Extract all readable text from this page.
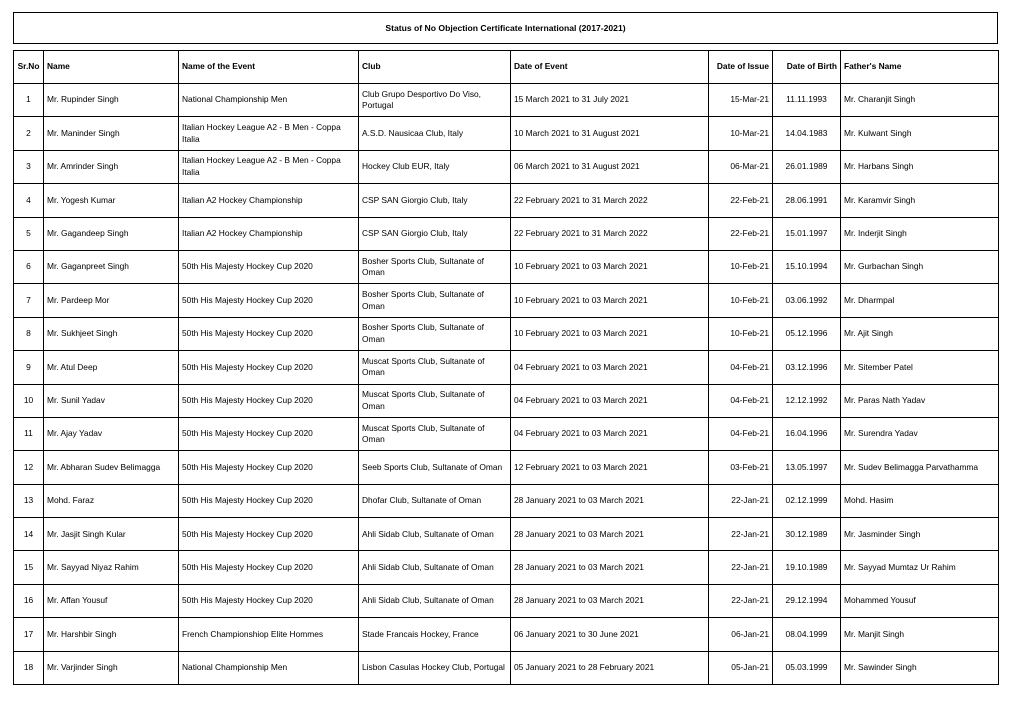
Status of No Objection Certificate International (2017-2021)
Sr.No	Name	Name of the Event	Club	Date of Event	Date of Issue	Date of Birth	Father's Name
1	Mr. Rupinder Singh	National Championship Men	Club Grupo Desportivo Do Viso, Portugal	15 March 2021 to 31 July 2021	15-Mar-21	11.11.1993	Mr. Charanjit Singh
2	Mr. Maninder Singh	Italian Hockey League A2 - B Men - Coppa Italia	A.S.D. Nausicaa Club, Italy	10 March 2021 to 31 August 2021	10-Mar-21	14.04.1983	Mr. Kulwant Singh
3	Mr. Amrinder Singh	Italian Hockey League A2 - B Men - Coppa Italia	Hockey Club EUR, Italy	06 March 2021 to 31 August 2021	06-Mar-21	26.01.1989	Mr. Harbans Singh
4	Mr. Yogesh Kumar	Italian A2 Hockey Championship	CSP SAN Giorgio Club, Italy	22 February 2021 to 31 March 2022	22-Feb-21	28.06.1991	Mr. Karamvir Singh
5	Mr. Gagandeep Singh	Italian A2 Hockey Championship	CSP SAN Giorgio Club, Italy	22 February 2021 to 31 March 2022	22-Feb-21	15.01.1997	Mr. Inderjit Singh
6	Mr. Gaganpreet Singh	50th His Majesty Hockey Cup 2020	Bosher Sports Club, Sultanate of Oman	10 February 2021 to 03 March 2021	10-Feb-21	15.10.1994	Mr. Gurbachan Singh
7	Mr. Pardeep Mor	50th His Majesty Hockey Cup 2020	Bosher Sports Club, Sultanate of Oman	10 February 2021 to 03 March 2021	10-Feb-21	03.06.1992	Mr. Dharmpal
8	Mr. Sukhjeet Singh	50th His Majesty Hockey Cup 2020	Bosher Sports Club, Sultanate of Oman	10 February 2021 to 03 March 2021	10-Feb-21	05.12.1996	Mr. Ajit Singh
9	Mr. Atul Deep	50th His Majesty Hockey Cup 2020	Muscat Sports Club, Sultanate of Oman	04 February 2021 to 03 March 2021	04-Feb-21	03.12.1996	Mr. Sitember Patel
10	Mr. Sunil Yadav	50th His Majesty Hockey Cup 2020	Muscat Sports Club, Sultanate of Oman	04 February 2021 to 03 March 2021	04-Feb-21	12.12.1992	Mr. Paras Nath Yadav
11	Mr. Ajay Yadav	50th His Majesty Hockey Cup 2020	Muscat Sports Club, Sultanate of Oman	04 February 2021 to 03 March 2021	04-Feb-21	16.04.1996	Mr. Surendra Yadav
12	Mr. Abharan Sudev Belimagga	50th His Majesty Hockey Cup 2020	Seeb Sports Club, Sultanate of Oman	12 February 2021 to 03 March 2021	03-Feb-21	13.05.1997	Mr. Sudev Belimagga Parvathamma
13	Mohd. Faraz	50th His Majesty Hockey Cup 2020	Dhofar Club, Sultanate of Oman	28 January 2021 to 03 March 2021	22-Jan-21	02.12.1999	Mohd. Hasim
14	Mr. Jasjit Singh Kular	50th His Majesty Hockey Cup 2020	Ahli Sidab Club, Sultanate of Oman	28 January 2021 to 03 March 2021	22-Jan-21	30.12.1989	Mr. Jasminder Singh
15	Mr. Sayyad Niyaz Rahim	50th His Majesty Hockey Cup 2020	Ahli Sidab Club, Sultanate of Oman	28 January 2021 to 03 March 2021	22-Jan-21	19.10.1989	Mr. Sayyad Mumtaz Ur Rahim
16	Mr. Affan Yousuf	50th His Majesty Hockey Cup 2020	Ahli Sidab Club, Sultanate of Oman	28 January 2021 to 03 March 2021	22-Jan-21	29.12.1994	Mohammed Yousuf
17	Mr. Harshbir Singh	French Championshiop Elite Hommes	Stade Francais Hockey, France	06 January 2021 to 30 June 2021	06-Jan-21	08.04.1999	Mr. Manjit Singh
18	Mr. Varjinder Singh	National Championship Men	Lisbon Casulas Hockey Club, Portugal	05 January 2021 to 28 February 2021	05-Jan-21	05.03.1999	Mr. Sawinder Singh
